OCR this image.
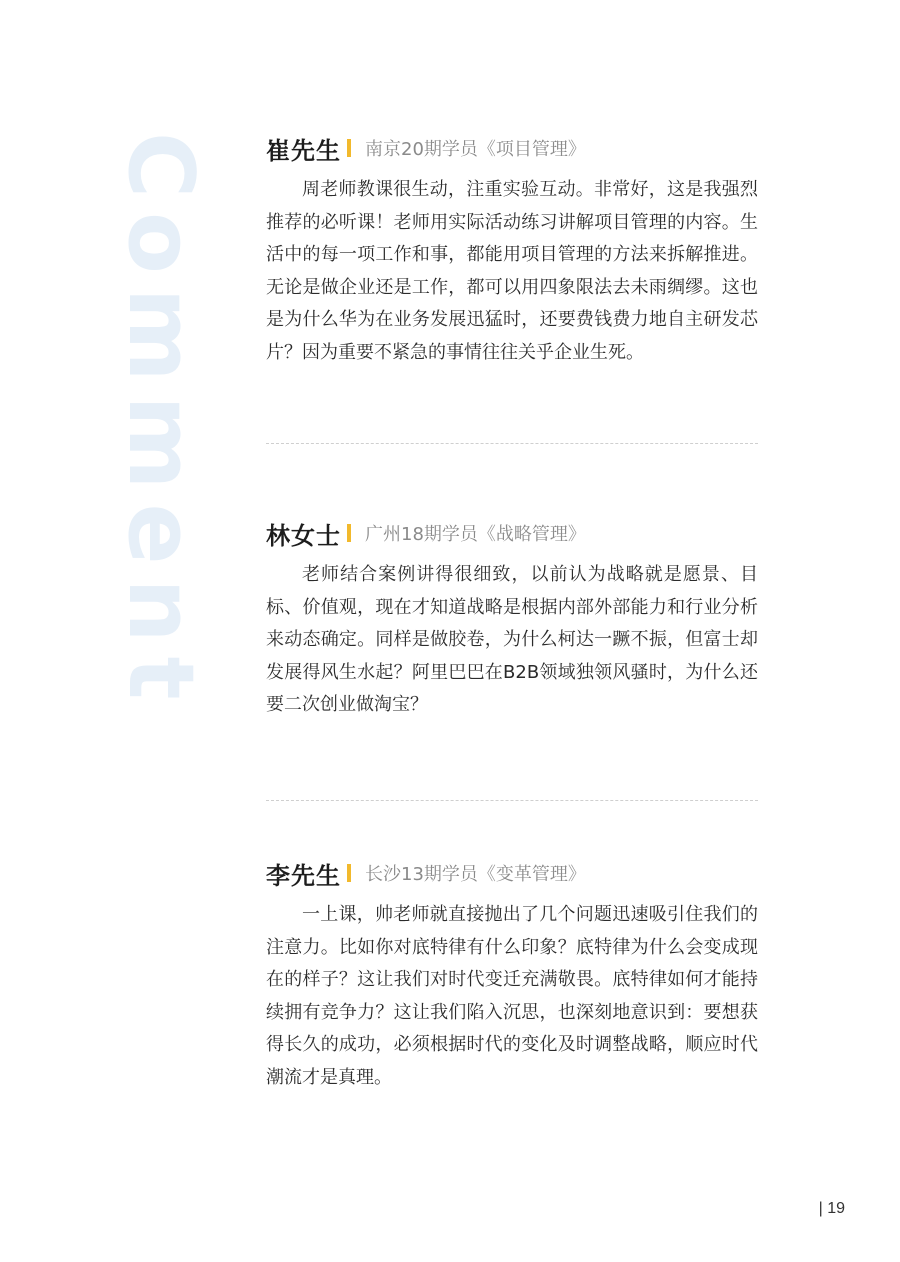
Comment 崔先生 南京20期学员《项目管理》

周老师教课很生动，注重实验互动。非常好，这是我强烈推荐的必听课！老师用实际活动练习讲解项目管理的内容。生活中的每一项工作和事，都能用项目管理的方法来拆解推进。无论是做企业还是工作，都可以用四象限法去未雨绸缪。这也是为什么华为在业务发展迅猛时，还要费钱费力地自主研发芯片？因为重要不紧急的事情往往关乎企业生死。

林女士 广州18期学员《战略管理》

老师结合案例讲得很细致，以前认为战略就是愿景、目标、价值观，现在才知道战略是根据内部外部能力和行业分析来动态确定。同样是做胶卷，为什么柯达一蹶不振，但富士却发展得风生水起？阿里巴巴在B2B领域独领风骚时，为什么还要二次创业做淘宝？

李先生 长沙13期学员《变革管理》

一上课，帅老师就直接抛出了几个问题迅速吸引住我们的注意力。比如你对底特律有什么印象？底特律为什么会变成现在的样子？这让我们对时代变迁充满敬畏。底特律如何才能持续拥有竞争力？这让我们陷入沉思，也深刻地意识到：要想获得长久的成功，必须根据时代的变化及时调整战略，顺应时代潮流才是真理。

| 19
